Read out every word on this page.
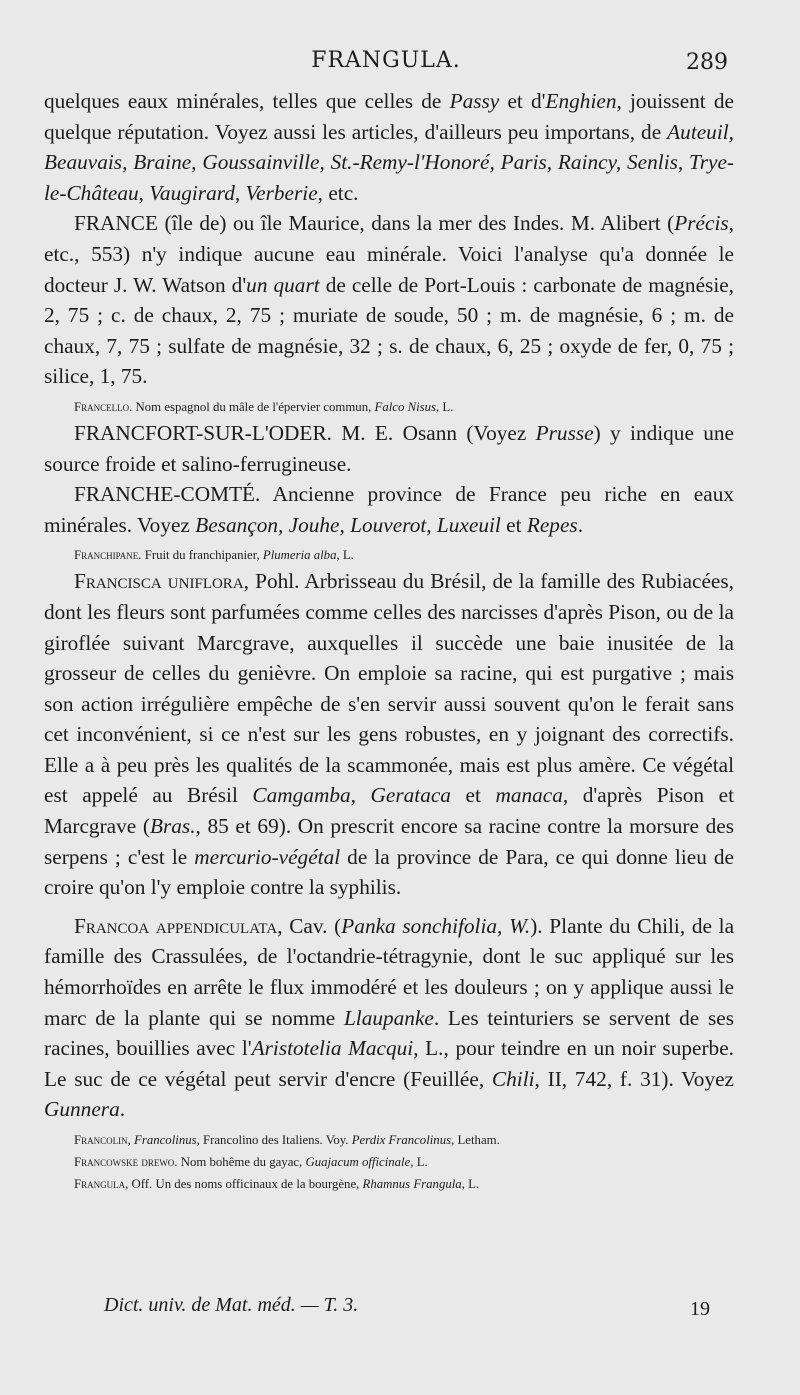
FRANGULA.	289

quelques eaux minérales, telles que celles de Passy et d'Enghien, jouissent de quelque réputation. Voyez aussi les articles, d'ailleurs peu importans, de Auteuil, Beauvais, Braine, Goussainville, St.-Remy-l'Honoré, Paris, Raincy, Senlis, Trye-le-Château, Vaugirard, Verberie, etc.

FRANCE (île de) ou île Maurice, dans la mer des Indes. M. Alibert (Précis, etc., 553) n'y indique aucune eau minérale. Voici l'analyse qu'a donnée le docteur J. W. Watson d'un quart de celle de Port-Louis : carbonate de magnésie, 2, 75 ; c. de chaux, 2, 75 ; muriate de soude, 50 ; m. de magnésie, 6 ; m. de chaux, 7, 75 ; sulfate de magnésie, 32 ; s. de chaux, 6, 25 ; oxyde de fer, 0, 75 ; silice, 1, 75.

Francello. Nom espagnol du mâle de l'épervier commun, Falco Nisus, L.

FRANCFORT-SUR-L'ODER. M. E. Osann (Voyez Prusse) y indique une source froide et salino-ferrugineuse.

FRANCHE-COMTÉ. Ancienne province de France peu riche en eaux minérales. Voyez Besançon, Jouhe, Louverot, Luxeuil et Repes.

Franchipane. Fruit du franchipanier, Plumeria alba, L.

Francisca uniflora, Pohl. Arbrisseau du Brésil, de la famille des Rubiacées, dont les fleurs sont parfumées comme celles des narcisses d'après Pison, ou de la giroflée suivant Marcgrave, auxquelles il succède une baie inusitée de la grosseur de celles du genièvre. On emploie sa racine, qui est purgative ; mais son action irrégulière empêche de s'en servir aussi souvent qu'on le ferait sans cet inconvénient, si ce n'est sur les gens robustes, en y joignant des correctifs. Elle a à peu près les qualités de la scammonée, mais est plus amère. Ce végétal est appelé au Brésil Camgamba, Gerataca et manaca, d'après Pison et Marcgrave (Bras., 85 et 69). On prescrit encore sa racine contre la morsure des serpens ; c'est le mercurio-végétal de la province de Para, ce qui donne lieu de croire qu'on l'y emploie contre la syphilis.

Francoa appendiculata, Cav. (Panka sonchifolia, W.). Plante du Chili, de la famille des Crassulées, de l'octandrie-tétragynie, dont le suc appliqué sur les hémorrhoïdes en arrête le flux immodéré et les douleurs ; on y applique aussi le marc de la plante qui se nomme Llaupanke. Les teinturiers se servent de ses racines, bouillies avec l'Aristotelia Macqui, L., pour teindre en un noir superbe. Le suc de ce végétal peut servir d'encre (Feuillée, Chili, II, 742, f. 31). Voyez Gunnera.

Francolin, Francolinus, Francolino des Italiens. Voy. Perdix Francolinus, Letham.

Francowske drewo. Nom bohême du gayac, Guajacum officinale, L.

Frangula, Off. Un des noms officinaux de la bourgène, Rhamnus Frangula, L.

Dict. univ. de Mat. méd. — T. 3.	19
